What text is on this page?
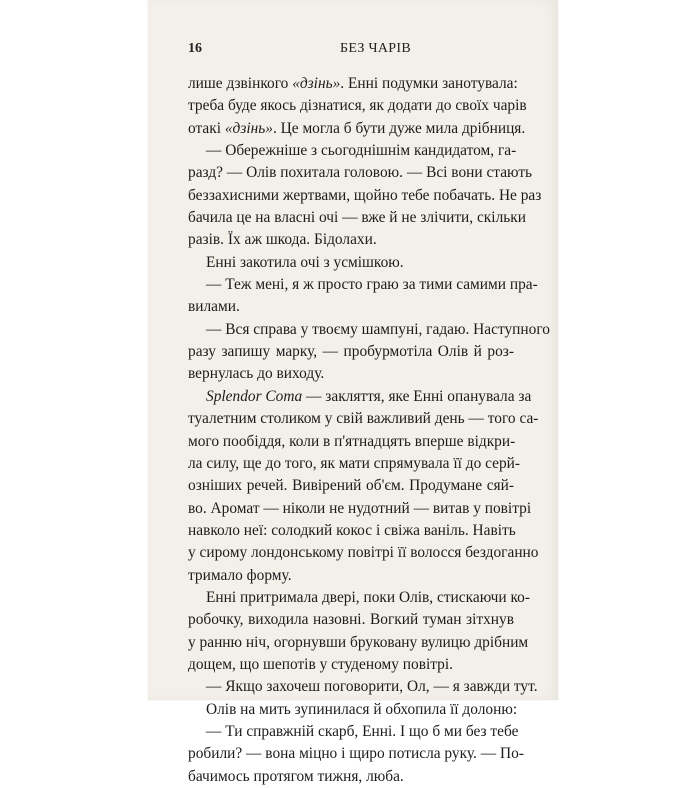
16	БЕЗ ЧАРІВ
лише дзвінкого «дзінь». Енні подумки занотувала:
треба буде якось дізнатися, як додати до своїх чарів
отакі «дзінь». Це могла б бути дуже мила дрібниця.
— Обережніше з сьогоднішнім кандидатом, га-
разд? — Олів похитала головою. — Всі вони стають
беззахисними жертвами, щойно тебе побачать. Не раз
бачила це на власні очі — вже й не злічити, скільки
разів. Їх аж шкода. Бідолахи.
Енні закотила очі з усмішкою.
— Теж мені, я ж просто граю за тими самими пра-
вилами.
— Вся справа у твоєму шампуні, гадаю. Наступного
разу запишу марку, — пробурмотіла Олів й роз-
вернулась до виходу.
Splendor Coma — закляття, яке Енні опанувала за
туалетним столиком у свій важливий день — того са-
мого пообіддя, коли в п'ятнадцять вперше відкри-
ла силу, ще до того, як мати спрямувала її до серй-
озніших речей. Вивірений об'єм. Продумане сяй-
во. Аромат — ніколи не нудотний — витав у повітрі
навколо неї: солодкий кокос і свіжа ваніль. Навіть
у сирому лондонському повітрі її волосся бездоганно
тримало форму.
Енні притримала двері, поки Олів, стискаючи ко-
робочку, виходила назовні. Вогкий туман зітхнув
у ранню ніч, огорнувши бруковану вулицю дрібним
дощем, що шепотів у студеному повітрі.
— Якщо захочеш поговорити, Ол, — я завжди тут.
Олів на мить зупинилася й обхопила її долоню:
— Ти справжній скарб, Енні. І що б ми без тебе
робили? — вона міцно і щиро потисла руку. — По-
бачимось протягом тижня, люба.
